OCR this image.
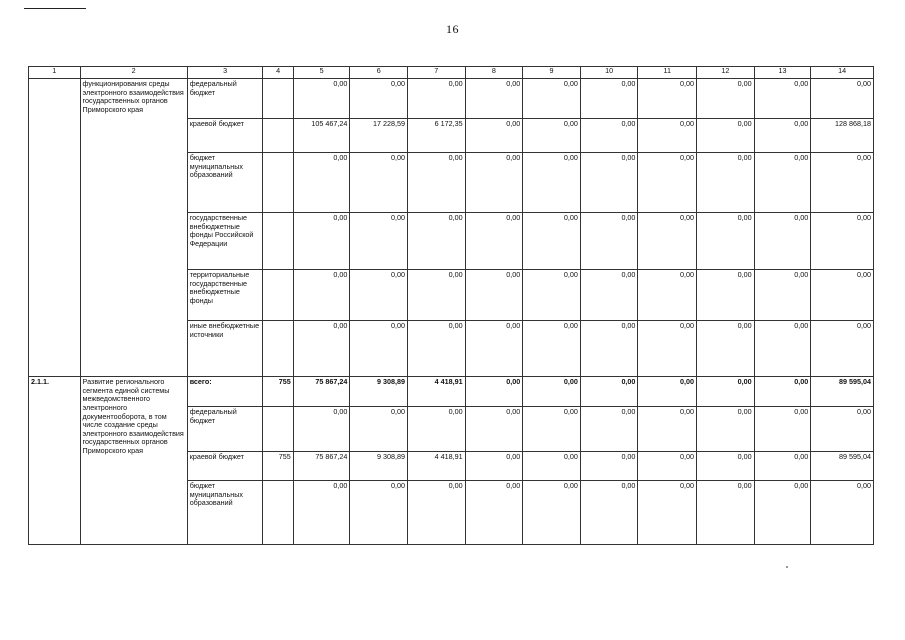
16
1	2	3	4	5	6	7	8	9	10	11	12	13	14
	функционирования среды электронного взаимодействия государственных органов Приморского края	федеральный бюджет		0,00	0,00	0,00	0,00	0,00	0,00	0,00	0,00	0,00	0,00
		краевой бюджет		105 467,24	17 228,59	6 172,35	0,00	0,00	0,00	0,00	0,00	0,00	128 868,18
		бюджет муниципальных образований		0,00	0,00	0,00	0,00	0,00	0,00	0,00	0,00	0,00	0,00
		государственные внебюджетные фонды Российской Федерации		0,00	0,00	0,00	0,00	0,00	0,00	0,00	0,00	0,00	0,00
		территориальные государственные внебюджетные фонды		0,00	0,00	0,00	0,00	0,00	0,00	0,00	0,00	0,00	0,00
		иные внебюджетные источники		0,00	0,00	0,00	0,00	0,00	0,00	0,00	0,00	0,00	0,00
2.1.1.	Развитие регионального сегмента единой системы межведомственного электронного документооборота, в том числе создание среды электронного взаимодействия государственных органов Приморского края	всего:	755	75 867,24	9 308,89	4 418,91	0,00	0,00	0,00	0,00	0,00	0,00	89 595,04
		федеральный бюджет		0,00	0,00	0,00	0,00	0,00	0,00	0,00	0,00	0,00	0,00
		краевой бюджет	755	75 867,24	9 308,89	4 418,91	0,00	0,00	0,00	0,00	0,00	0,00	89 595,04
		бюджет муниципальных образований		0,00	0,00	0,00	0,00	0,00	0,00	0,00	0,00	0,00	0,00
